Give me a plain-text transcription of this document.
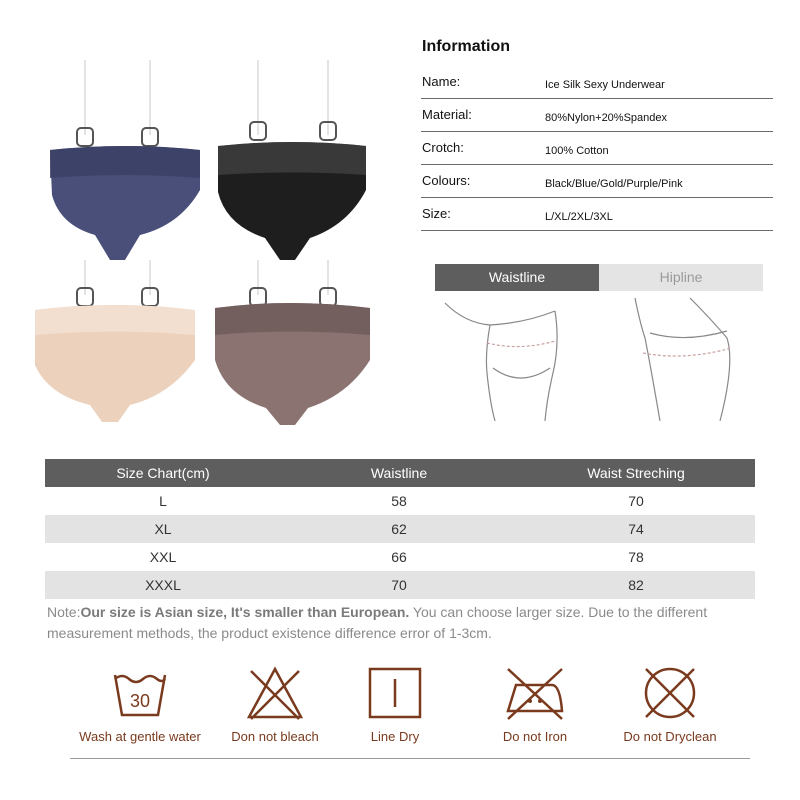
Information
Name:	Ice Silk Sexy Underwear
Material:	80%Nylon+20%Spandex
Crotch:	100% Cotton
Colours:	Black/Blue/Gold/Purple/Pink
Size:	L/XL/2XL/3XL
Waistline	Hipline
Size Chart(cm)	Waistline	Waist Streching
L	58	70
XL	62	74
XXL	66	78
XXXL	70	82
Note:Our size is Asian size, It's smaller than European. You can choose larger size. Due to the different measurement methods, the product existence difference error of 1-3cm.
30
Wash at gentle water	Don not bleach	Line Dry	Do not Iron	Do not Dryclean
